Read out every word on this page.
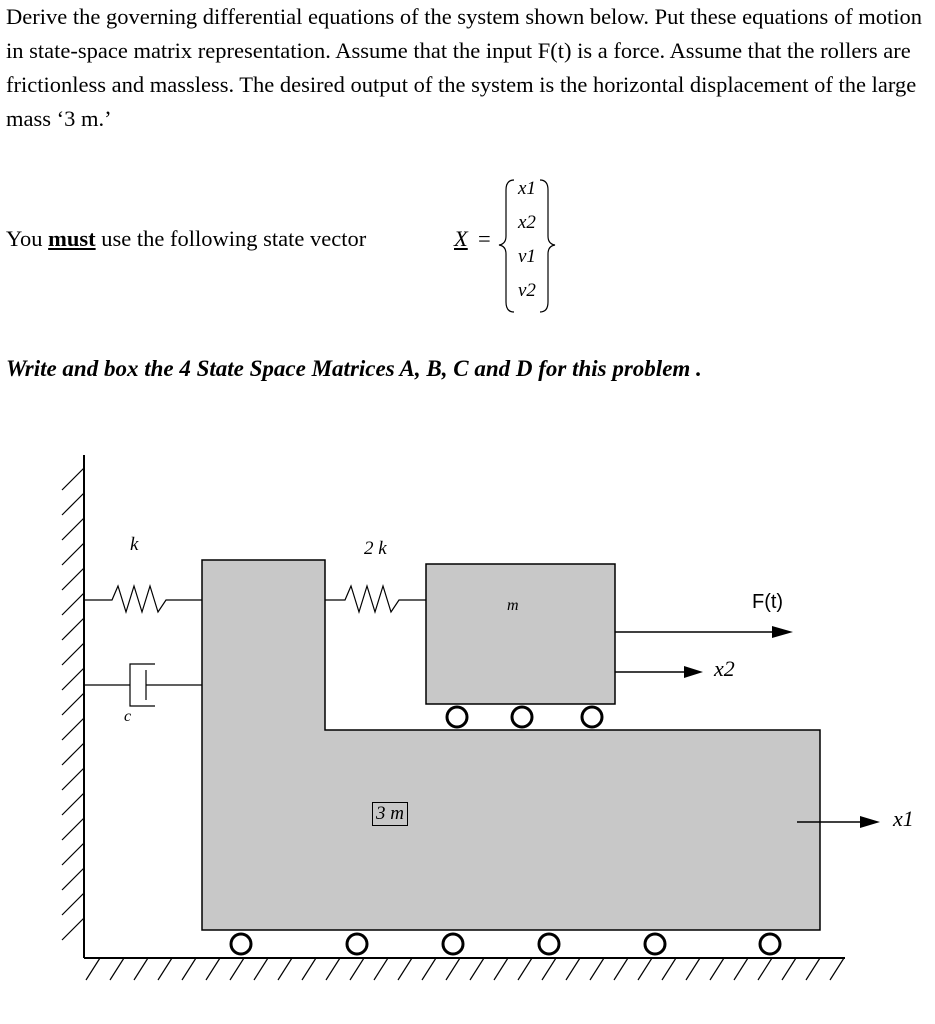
Derive the governing differential equations of the system shown below. Put these equations of motion in state-space matrix representation. Assume that the input F(t) is a force. Assume that the rollers are frictionless and massless. The desired output of the system is the horizontal displacement of the large mass ‘3 m.’
You must use the following state vector	X =
x1
x2
v1
v2
Write and box the 4 State Space Matrices A, B, C and D for this problem .
k
c
2 k
m
3 m
F(t)
x2
x1
